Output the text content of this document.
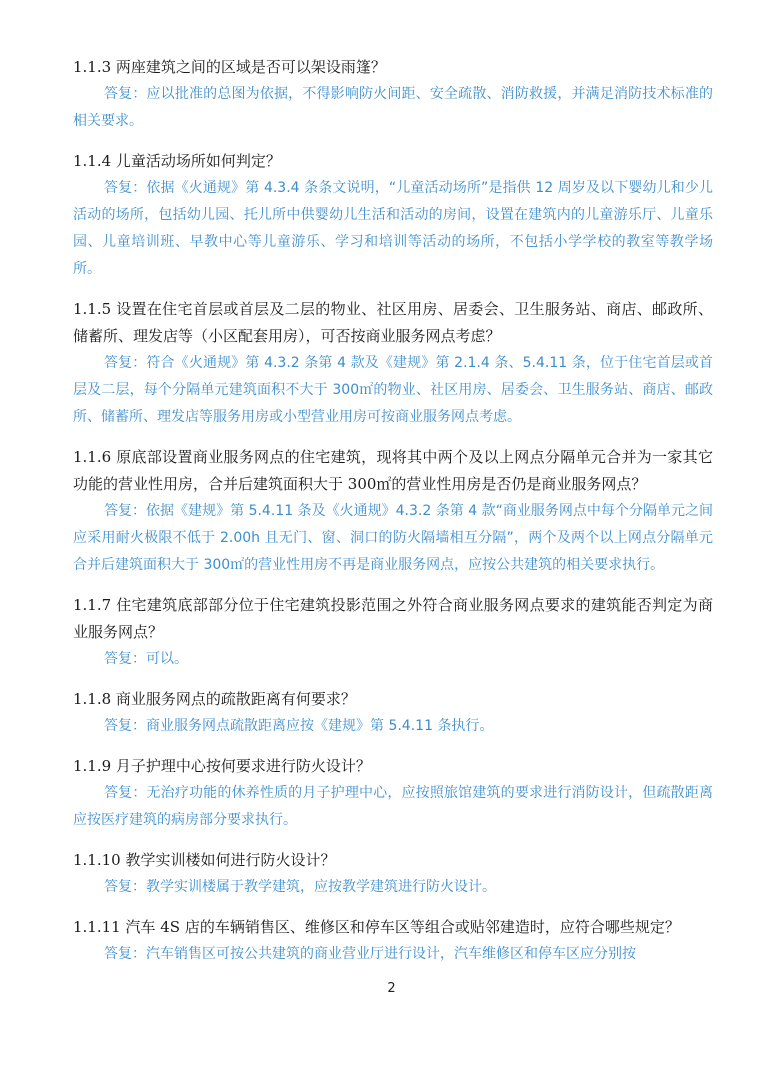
1.1.3 两座建筑之间的区域是否可以架设雨篷？

答复：应以批准的总图为依据，不得影响防火间距、安全疏散、消防救援，并满足消防技术标准的相关要求。

1.1.4 儿童活动场所如何判定？

答复：依据《火通规》第 4.3.4 条条文说明，“儿童活动场所”是指供 12 周岁及以下婴幼儿和少儿活动的场所，包括幼儿园、托儿所中供婴幼儿生活和活动的房间，设置在建筑内的儿童游乐厅、儿童乐园、儿童培训班、早教中心等儿童游乐、学习和培训等活动的场所，不包括小学学校的教室等教学场所。

1.1.5 设置在住宅首层或首层及二层的物业、社区用房、居委会、卫生服务站、商店、邮政所、储蓄所、理发店等（小区配套用房），可否按商业服务网点考虑？

答复：符合《火通规》第 4.3.2 条第 4 款及《建规》第 2.1.4 条、5.4.11 条，位于住宅首层或首层及二层，每个分隔单元建筑面积不大于 300㎡的物业、社区用房、居委会、卫生服务站、商店、邮政所、储蓄所、理发店等服务用房或小型营业用房可按商业服务网点考虑。

1.1.6 原底部设置商业服务网点的住宅建筑，现将其中两个及以上网点分隔单元合并为一家其它功能的营业性用房，合并后建筑面积大于 300㎡的营业性用房是否仍是商业服务网点？

答复：依据《建规》第 5.4.11 条及《火通规》4.3.2 条第 4 款“商业服务网点中每个分隔单元之间应采用耐火极限不低于 2.00h 且无门、窗、洞口的防火隔墙相互分隔”，两个及两个以上网点分隔单元合并后建筑面积大于 300㎡的营业性用房不再是商业服务网点，应按公共建筑的相关要求执行。

1.1.7 住宅建筑底部部分位于住宅建筑投影范围之外符合商业服务网点要求的建筑能否判定为商业服务网点？

答复：可以。

1.1.8 商业服务网点的疏散距离有何要求？

答复：商业服务网点疏散距离应按《建规》第 5.4.11 条执行。

1.1.9 月子护理中心按何要求进行防火设计？

答复：无治疗功能的休养性质的月子护理中心，应按照旅馆建筑的要求进行消防设计，但疏散距离应按医疗建筑的病房部分要求执行。

1.1.10 教学实训楼如何进行防火设计？

答复：教学实训楼属于教学建筑，应按教学建筑进行防火设计。

1.1.11 汽车 4S 店的车辆销售区、维修区和停车区等组合或贴邻建造时，应符合哪些规定？

答复：汽车销售区可按公共建筑的商业营业厅进行设计，汽车维修区和停车区应分别按

2
